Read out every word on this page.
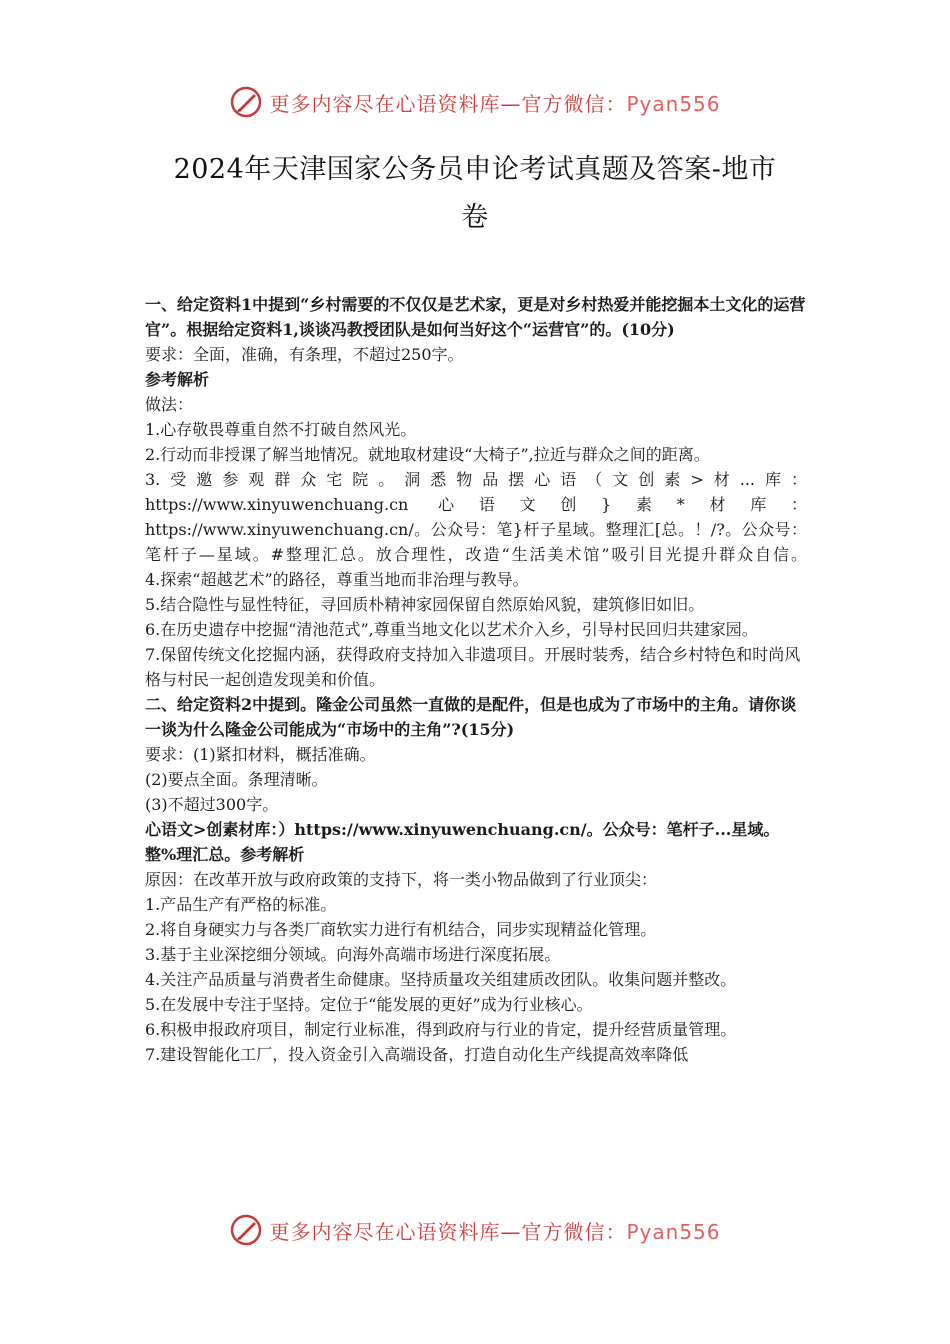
更多内容尽在心语资料库—官方微信：Pyan556
2024年天津国家公务员申论考试真题及答案-地市
卷

一、给定资料1中提到“乡村需要的不仅仅是艺术家，更是对乡村热爱并能挖掘本土文化的运营官”。根据给定资料1,谈谈冯教授团队是如何当好这个“运营官”的。(10分)

要求：全面，准确，有条理，不超过250字。

参考解析

做法：

1.心存敬畏尊重自然不打破自然风光。

2.行动而非授课了解当地情况。就地取材建设“大椅子”,拉近与群众之间的距离。

3.受邀参观群众宅院。洞悉物品摆心语（文创素>材...库：https://www.xinyuwenchuang.cn 心语文创}素*材库：https://www.xinyuwenchuang.cn/。公众号：笔}杆子星域。整理汇[总。！/?。公众号：笔杆子—星域。#整理汇总。放合理性，改造“生活美术馆”吸引目光提升群众自信。

4.探索“超越艺术”的路径，尊重当地而非治理与教导。

5.结合隐性与显性特征，寻回质朴精神家园保留自然原始风貌，建筑修旧如旧。

6.在历史遗存中挖掘“清池范式”,尊重当地文化以艺术介入乡，引导村民回归共建家园。

7.保留传统文化挖掘内涵，获得政府支持加入非遗项目。开展时装秀，结合乡村特色和时尚风格与村民一起创造发现美和价值。

二、给定资料2中提到。隆金公司虽然一直做的是配件，但是也成为了市场中的主角。请你谈一谈为什么隆金公司能成为“市场中的主角”?(15分)

要求：(1)紧扣材料，概括准确。

(2)要点全面。条理清晰。

(3)不超过300字。

心语文>创素材库：）https://www.xinyuwenchuang.cn/。公众号：笔杆子...星域。整%理汇总。参考解析

原因：在改革开放与政府政策的支持下，将一类小物品做到了行业顶尖：

1.产品生产有严格的标准。

2.将自身硬实力与各类厂商软实力进行有机结合，同步实现精益化管理。

3.基于主业深挖细分领域。向海外高端市场进行深度拓展。

4.关注产品质量与消费者生命健康。坚持质量攻关组建质改团队。收集问题并整改。

5.在发展中专注于坚持。定位于“能发展的更好”成为行业核心。

6.积极申报政府项目，制定行业标准，得到政府与行业的肯定，提升经营质量管理。

7.建设智能化工厂，投入资金引入高端设备，打造自动化生产线提高效率降低

更多内容尽在心语资料库—官方微信：Pyan556
